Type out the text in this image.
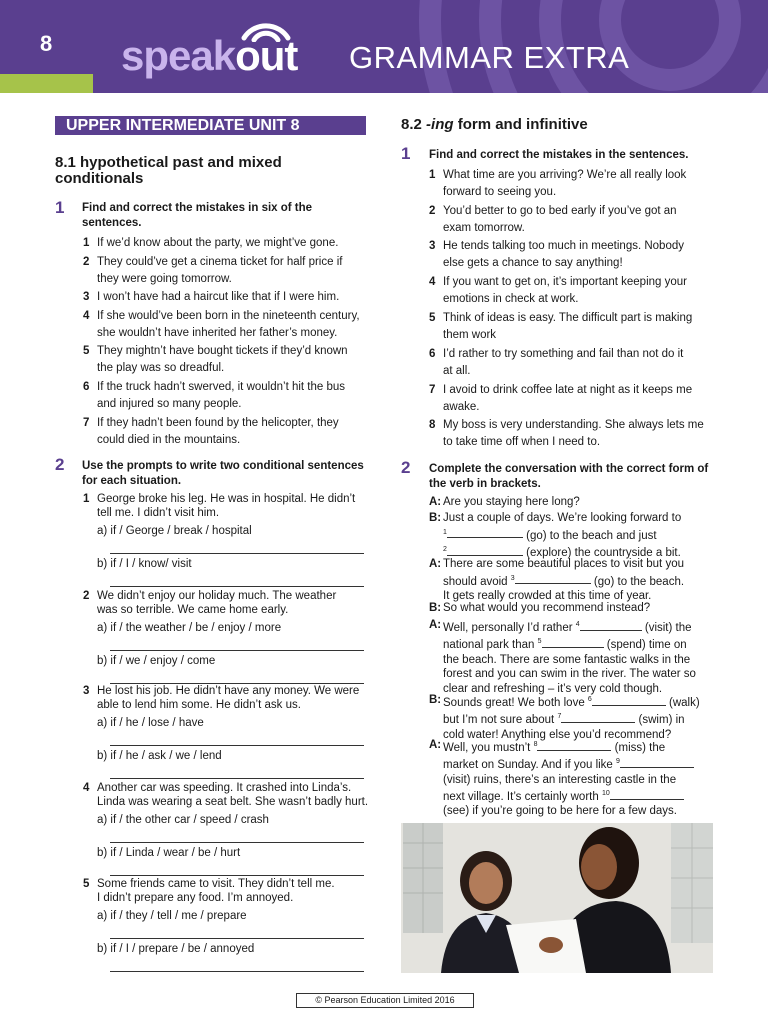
8 speakout GRAMMAR EXTRA
UPPER INTERMEDIATE UNIT 8
8.1 hypothetical past and mixed conditionals
1 Find and correct the mistakes in six of the sentences.
1 If we’d know about the party, we might’ve gone.
2 They could’ve get a cinema ticket for half price if
they were going tomorrow.
3 I won’t have had a haircut like that if I were him.
4 If she would’ve been born in the nineteenth century,
she wouldn’t have inherited her father’s money.
5 They mightn’t have bought tickets if they’d known
the play was so dreadful.
6 If the truck hadn’t swerved, it wouldn’t hit the bus
and injured so many people.
7 If they hadn’t been found by the helicopter, they
could died in the mountains.
2 Use the prompts to write two conditional sentences
for each situation.
1 George broke his leg. He was in hospital. He didn’t
tell me. I didn’t visit him.
a) if / George / break / hospital
b) if / I / know/ visit
2 We didn’t enjoy our holiday much. The weather
was so terrible. We came home early.
a) if / the weather / be / enjoy / more
b) if / we / enjoy / come
3 He lost his job. He didn’t have any money. We were
able to lend him some. He didn’t ask us.
a) if / he / lose / have
b) if / he / ask / we / lend
4 Another car was speeding. It crashed into Linda’s.
Linda was wearing a seat belt. She wasn’t badly hurt.
a) if / the other car / speed / crash
b) if / Linda / wear / be / hurt
5 Some friends came to visit. They didn’t tell me.
I didn’t prepare any food. I’m annoyed.
a) if / they / tell / me / prepare
b) if / I / prepare / be / annoyed
8.2 -ing form and infinitive
1 Find and correct the mistakes in the sentences.
1 What time are you arriving? We’re all really look
forward to seeing you.
2 You’d better to go to bed early if you’ve got an
exam tomorrow.
3 He tends talking too much in meetings. Nobody
else gets a chance to say anything!
4 If you want to get on, it’s important keeping your
emotions in check at work.
5 Think of ideas is easy. The difficult part is making
them work
6 I’d rather to try something and fail than not do it
at all.
7 I avoid to drink coffee late at night as it keeps me
awake.
8 My boss is very understanding. She always lets me
to take time off when I need to.
2 Complete the conversation with the correct form of
the verb in brackets.
A: Are you staying here long?
B: Just a couple of days. We’re looking forward to
$^1$	(go) to the beach and just
$^2$	(explore) the countryside a bit.
A: There are some beautiful places to visit but you
should avoid $^3$	(go) to the beach.
It gets really crowded at this time of year.
B: So what would you recommend instead?
A: Well, personally I’d rather $^4$	(visit) the
national park than $^5$	(spend) time on
the beach. There are some fantastic walks in the
forest and you can swim in the river. The water so
clear and refreshing – it’s very cold though.
B: Sounds great! We both love $^6$	(walk)
but I’m not sure about $^7$	(swim) in
cold water! Anything else you’d recommend?
A: Well, you mustn’t $^8$	(miss) the
market on Sunday. And if you like $^9$
(visit) ruins, there’s an interesting castle in the
next village. It’s certainly worth $^{10}$
(see) if you’re going to be here for a few days.
© Pearson Education Limited 2016
